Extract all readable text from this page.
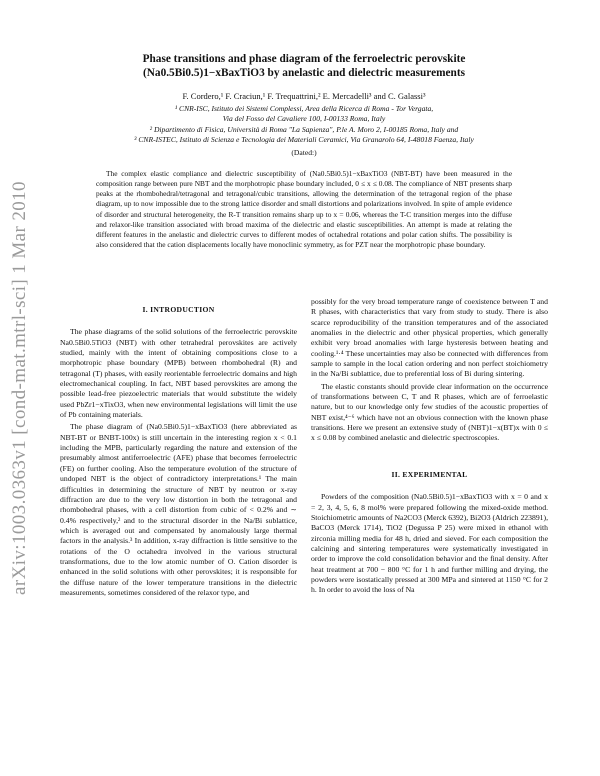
arXiv:1003.0363v1 [cond-mat.mtrl-sci] 1 Mar 2010
Phase transitions and phase diagram of the ferroelectric perovskite
(Na0.5Bi0.5)1−xBaxTiO3 by anelastic and dielectric measurements
F. Cordero,¹ F. Craciun,¹ F. Trequattrini,² E. Mercadelli³ and C. Galassi³
¹ CNR-ISC, Istituto dei Sistemi Complessi, Area della Ricerca di Roma - Tor Vergata,
Via del Fosso del Cavaliere 100, I-00133 Roma, Italy
² Dipartimento di Fisica, Università di Roma "La Sapienza", P.le A. Moro 2, I-00185 Roma, Italy and
³ CNR-ISTEC, Istituto di Scienza e Tecnologia dei Materiali Ceramici, Via Granarolo 64, I-48018 Faenza, Italy
(Dated:)
The complex elastic compliance and dielectric susceptibility of (Na0.5Bi0.5)1−xBaxTiO3 (NBT-BT) have been measured in the composition range between pure NBT and the morphotropic phase boundary included, 0 ≤ x ≤ 0.08. The compliance of NBT presents sharp peaks at the rhombohedral/tetragonal and tetragonal/cubic transitions, allowing the determination of the tetragonal region of the phase diagram, up to now impossible due to the strong lattice disorder and small distortions and polarizations involved. In spite of ample evidence of disorder and structural heterogeneity, the R-T transition remains sharp up to x = 0.06, whereas the T-C transition merges into the diffuse and relaxor-like transition associated with broad maxima of the dielectric and elastic susceptibilities. An attempt is made at relating the different features in the anelastic and dielectric curves to different modes of octahedral rotations and polar cation shifts. The possibility is also considered that the cation displacements locally have monoclinic symmetry, as for PZT near the morphotropic phase boundary.
I. INTRODUCTION

The phase diagrams of the solid solutions of the ferroelectric perovskite Na0.5Bi0.5TiO3 (NBT) with other tetrahedral perovskites are actively studied, mainly with the intent of obtaining compositions close to a morphotropic phase boundary (MPB) between rhombohedral (R) and tetragonal (T) phases, with easily reorientable ferroelectric domains and high electromechanical coupling. In fact, NBT based perovskites are among the possible lead-free piezoelectric materials that would substitute the widely used PbZr1−xTixO3, when new environmental legislations will limit the use of Pb containing materials.

The phase diagram of (Na0.5Bi0.5)1−xBaxTiO3 (here abbreviated as NBT-BT or BNBT-100x) is still uncertain in the interesting region x < 0.1 including the MPB, particularly regarding the nature and extension of the presumably almost antiferroelectric (AFE) phase that becomes ferroelectric (FE) on further cooling. Also the temperature evolution of the structure of undoped NBT is the object of contradictory interpretations.¹ The main difficulties in determining the structure of NBT by neutron or x-ray diffraction are due to the very low distortion in both the tetragonal and rhombohedral phases, with a cell distortion from cubic of < 0.2% and ∼ 0.4% respectively,² and to the structural disorder in the Na/Bi sublattice, which is averaged out and compensated by anomalously large thermal factors in the analysis.³ In addition, x-ray diffraction is little sensitive to the rotations of the O octahedra involved in the various structural transformations, due to the low atomic number of O. Cation disorder is enhanced in the solid solutions with other perovskites; it is responsible for the diffuse nature of the lower temperature transitions in the dielectric measurements, sometimes considered of the relaxor type, and

possibly for the very broad temperature range of coexistence between T and R phases, with characteristics that vary from study to study. There is also scarce reproducibility of the transition temperatures and of the associated anomalies in the dielectric and other physical properties, which generally exhibit very broad anomalies with large hysteresis between heating and cooling.¹·⁴ These uncertainties may also be connected with differences from sample to sample in the local cation ordering and non perfect stoichiometry in the Na/Bi sublattice, due to preferential loss of Bi during sintering.

The elastic constants should provide clear information on the occurrence of transformations between C, T and R phases, which are of ferroelastic nature, but to our knowledge only few studies of the acoustic properties of NBT exist,⁴⁻⁶ which have not an obvious connection with the known phase transitions. Here we present an extensive study of (NBT)1−x(BT)x with 0 ≤ x ≤ 0.08 by combined anelastic and dielectric spectroscopies.

II. EXPERIMENTAL

Powders of the composition (Na0.5Bi0.5)1−xBaxTiO3 with x = 0 and x = 2, 3, 4, 5, 6, 8 mol% were prepared following the mixed-oxide method. Stoichiometric amounts of Na2CO3 (Merck 6392), Bi2O3 (Aldrich 223891), BaCO3 (Merck 1714), TiO2 (Degussa P 25) were mixed in ethanol with zirconia milling media for 48 h, dried and sieved. For each composition the calcining and sintering temperatures were systematically investigated in order to improve the cold consolidation behavior and the final density. After heat treatment at 700 − 800 °C for 1 h and further milling and drying, the powders were isostatically pressed at 300 MPa and sintered at 1150 °C for 2 h. In order to avoid the loss of Na
